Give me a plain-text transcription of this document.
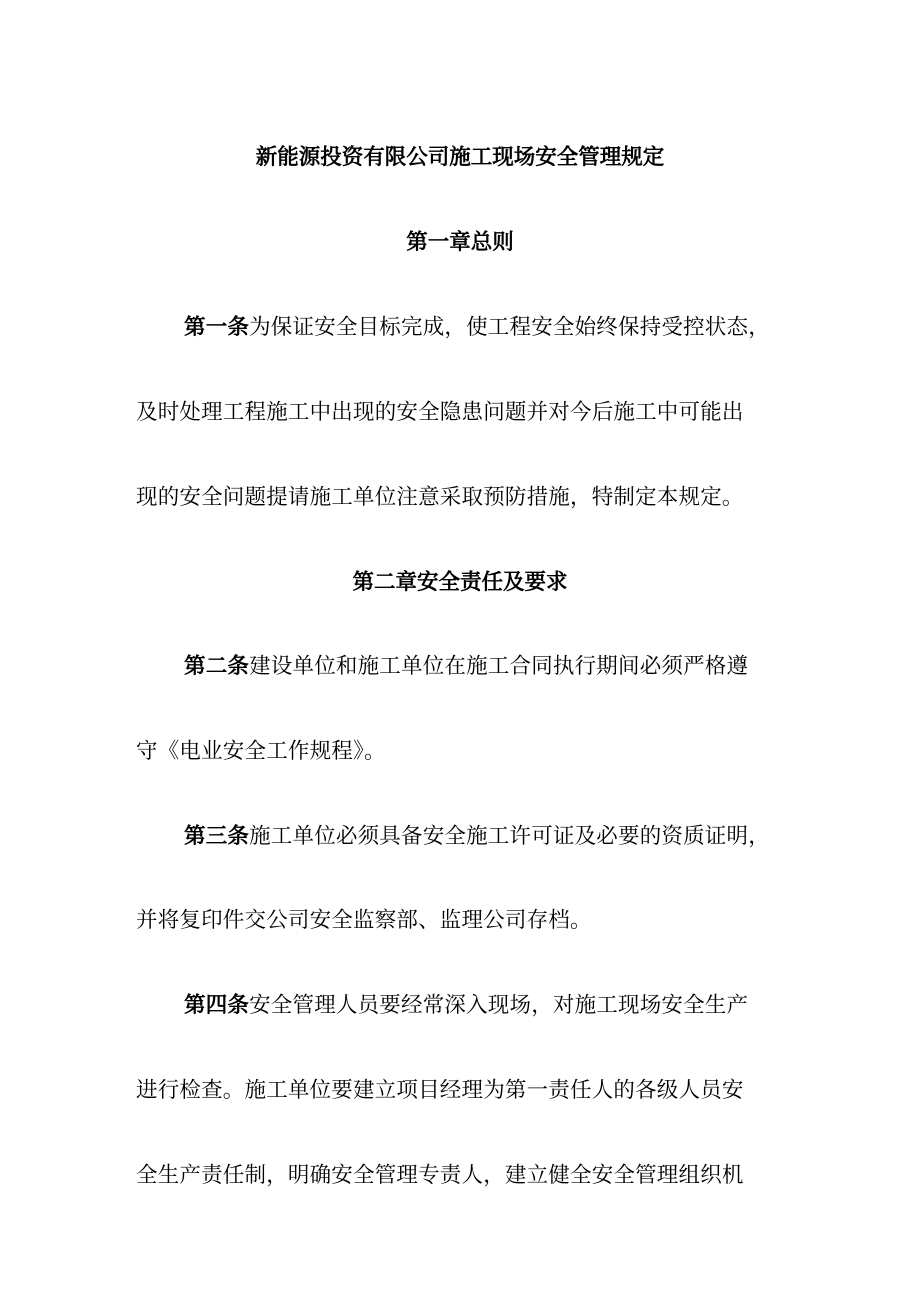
新能源投资有限公司施工现场安全管理规定
第一章总则
第一条为保证安全目标完成，使工程安全始终保持受控状态，
及时处理工程施工中出现的安全隐患问题并对今后施工中可能出
现的安全问题提请施工单位注意采取预防措施，特制定本规定。
第二章安全责任及要求
第二条建设单位和施工单位在施工合同执行期间必须严格遵
守《电业安全工作规程》。
第三条施工单位必须具备安全施工许可证及必要的资质证明，
并将复印件交公司安全监察部、监理公司存档。
第四条安全管理人员要经常深入现场，对施工现场安全生产
进行检查。施工单位要建立项目经理为第一责任人的各级人员安
全生产责任制，明确安全管理专责人，建立健全安全管理组织机
